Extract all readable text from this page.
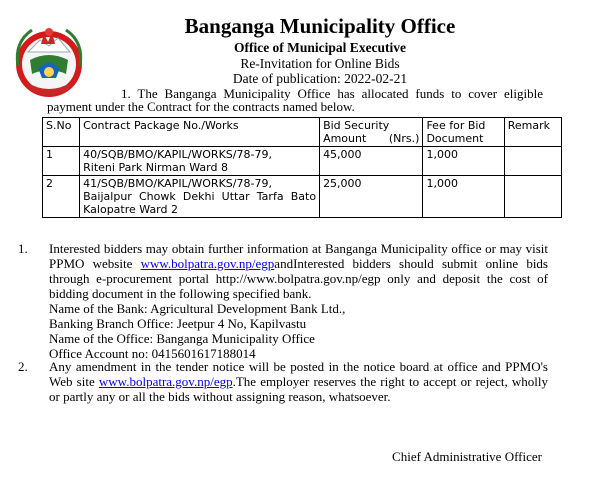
Banganga Municipality Office
Office of Municipal Executive
Re-Invitation for Online Bids
Date of publication: 2022-02-21
1. The Banganga Municipality Office has allocated funds to cover eligible payment under the Contract for the contracts named below.
S.No	Contract Package No./Works	Bid Security Amount (Nrs.)	Fee for Bid Document	Remark
1	40/SQB/BMO/KAPIL/WORKS/78-79,
Riteni Park Nirman Ward 8	45,000	1,000	
2	41/SQB/BMO/KAPIL/WORKS/78-79,
Baijalpur Chowk Dekhi Uttar Tarfa Bato Kalopatre Ward 2	25,000	1,000	
1. Interested bidders may obtain further information at Banganga Municipality office or may visit PPMO website www.bolpatra.gov.np/egpandInterested bidders should submit online bids through e-procurement portal http://www.bolpatra.gov.np/egp only and deposit the cost of bidding document in the following specified bank.
Name of the Bank: Agricultural Development Bank Ltd.,
Banking Branch Office: Jeetpur 4 No, Kapilvastu
Name of the Office: Banganga Municipality Office
Office Account no: 0415601617188014
2. Any amendment in the tender notice will be posted in the notice board at office and PPMO's Web site www.bolpatra.gov.np/egp.The employer reserves the right to accept or reject, wholly or partly any or all the bids without assigning reason, whatsoever.
Chief Administrative Officer
